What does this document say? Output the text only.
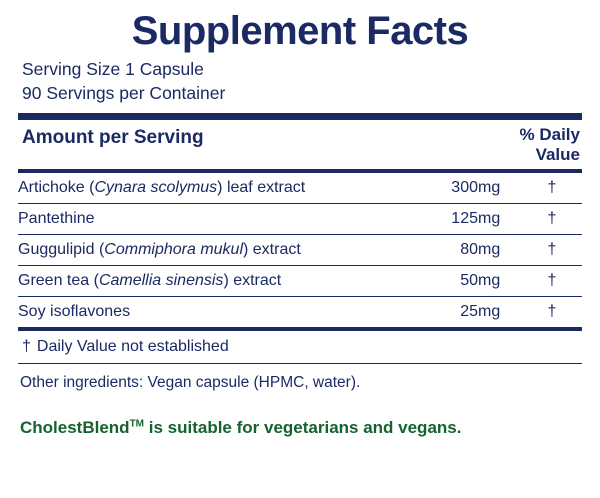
Supplement Facts
Serving Size 1 Capsule
90 Servings per Container
Amount per Serving	% Daily
Value
Artichoke (Cynara scolymus) leaf extract	300	mg	†
Pantethine	125	mg	†
Guggulipid (Commiphora mukul) extract	80	mg	†
Green tea (Camellia sinensis) extract	50	mg	†
Soy isoflavones	25	mg	†
† Daily Value not established
Other ingredients: Vegan capsule (HPMC, water).
CholestBlend™ is suitable for vegetarians and vegans.
